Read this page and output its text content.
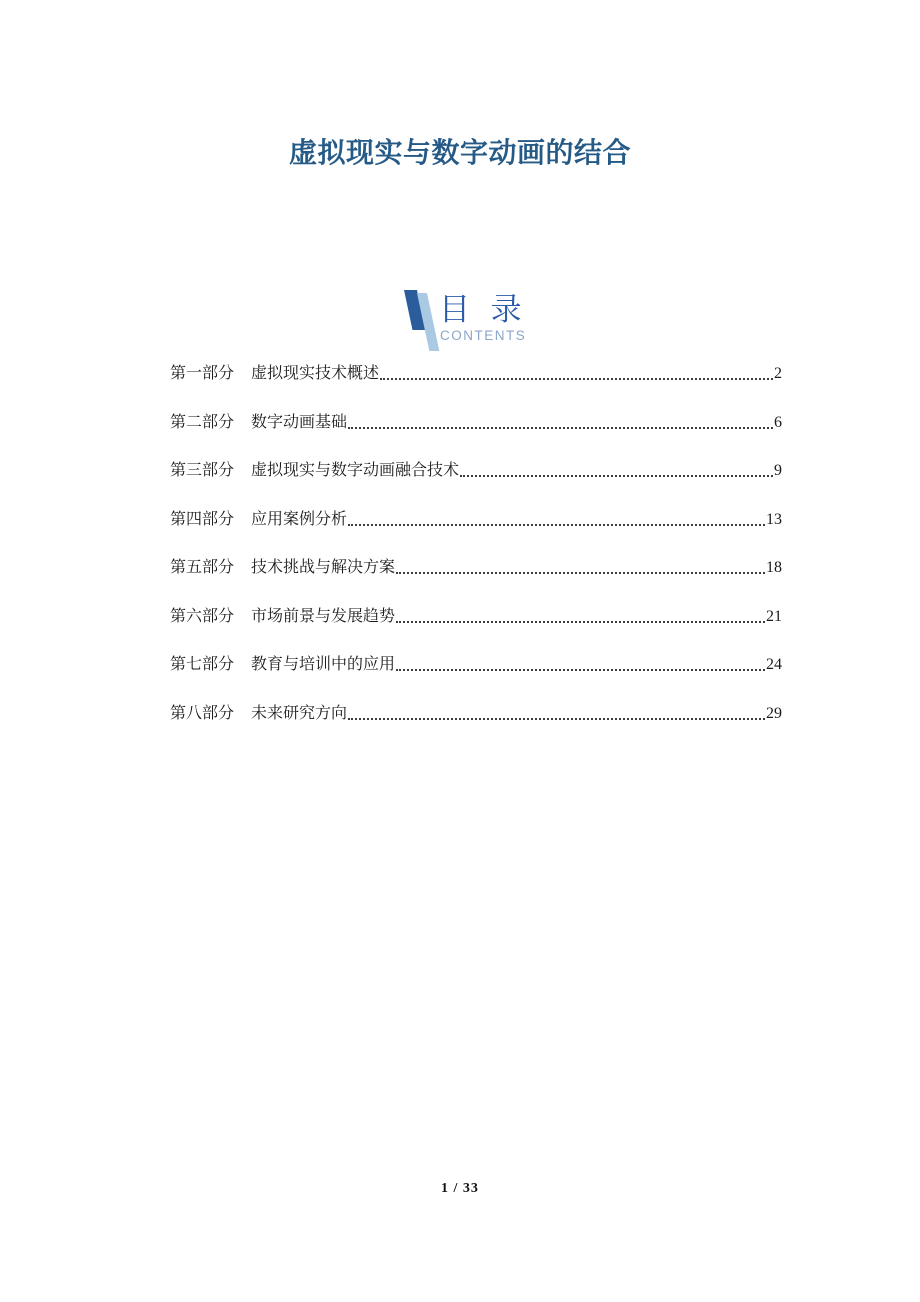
虚拟现实与数字动画的结合
目 录
CONTENTS
第一部分 虚拟现实技术概述	2
第二部分 数字动画基础	6
第三部分 虚拟现实与数字动画融合技术	9
第四部分 应用案例分析	13
第五部分 技术挑战与解决方案	18
第六部分 市场前景与发展趋势	21
第七部分 教育与培训中的应用	24
第八部分 未来研究方向	29
1 / 33
